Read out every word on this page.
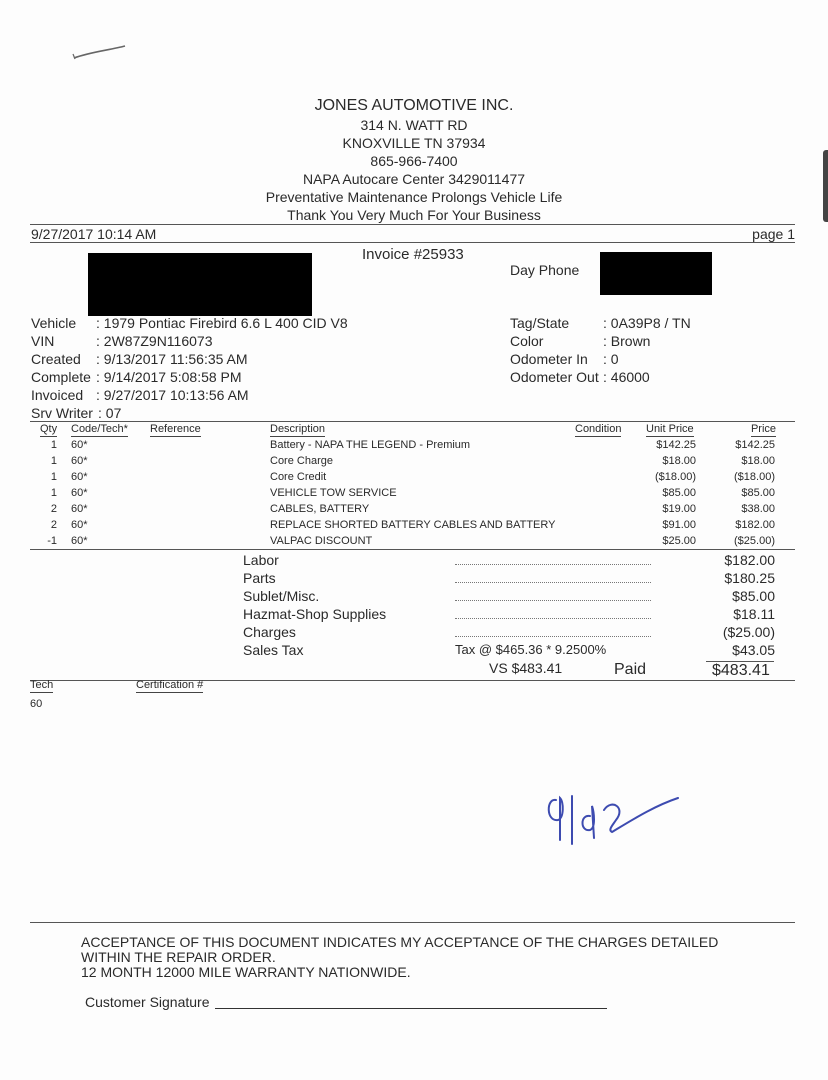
JONES AUTOMOTIVE INC.
314 N. WATT RD
KNOXVILLE TN 37934
865-966-7400
NAPA Autocare Center 3429011477
Preventative Maintenance Prolongs Vehicle Life
Thank You Very Much For Your Business
9/27/2017 10:14 AM	page 1
Invoice #25933
Day Phone
Vehicle : 1979 Pontiac Firebird 6.6 L 400 CID V8
VIN	: 2W87Z9N116073
Created : 9/13/2017 11:56:35 AM
Complete : 9/14/2017 5:08:58 PM
Invoiced : 9/27/2017 10:13:56 AM
Srv Writer : 07
Tag/State : 0A39P8 / TN
Color	: Brown
Odometer In : 0
Odometer Out : 46000
Qty Code/Tech* Reference	Description	Condition Unit Price	Price
1 60*	Battery - NAPA THE LEGEND - Premium	$142.25	$142.25
1 60*	Core Charge	$18.00	$18.00
1 60*	Core Credit	($18.00)	($18.00)
1 60*	VEHICLE TOW SERVICE	$85.00	$85.00
2 60*	CABLES, BATTERY	$19.00	$38.00
2 60*	REPLACE SHORTED BATTERY CABLES AND BATTERY	$91.00	$182.00
-1 60*	VALPAC DISCOUNT	$25.00	($25.00)
Labor	$182.00
Parts	$180.25
Sublet/Misc.	$85.00
Hazmat-Shop Supplies	$18.11
Charges	($25.00)
Sales Tax	Tax @ $465.36 * 9.2500%	$43.05
VS $483.41	Paid	$483.41
Tech	Certification #
60
ACCEPTANCE OF THIS DOCUMENT INDICATES MY ACCEPTANCE OF THE CHARGES DETAILED
WITHIN THE REPAIR ORDER.
12 MONTH 12000 MILE WARRANTY NATIONWIDE.
Customer Signature
